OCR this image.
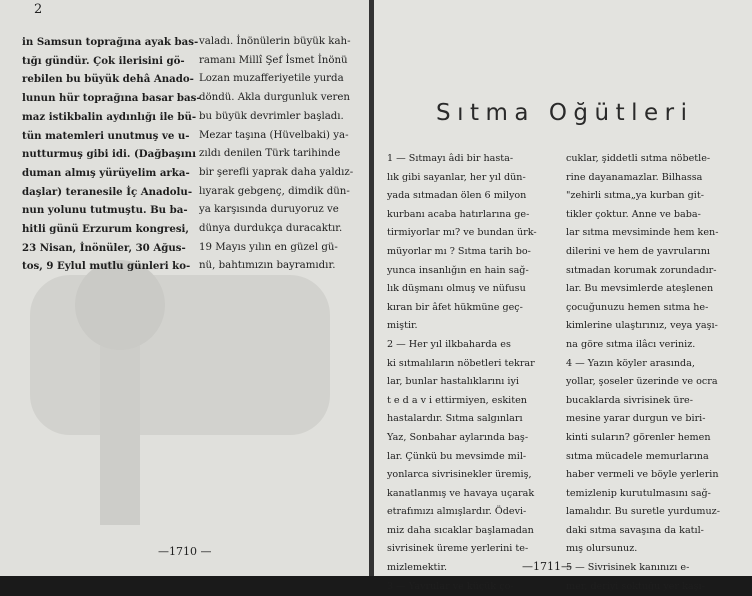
2
in Samsun toprağına ayak bas-
tığı gündür. Çok ilerisini gö-
rebilen bu büyük dehâ Anado-
lunun hür toprağına basar bas-
maz istikbalin aydınlığı ile bü-
tün matemleri unutmuş ve u-
nutturmuş gibi idi. (Dağbaşını
duman almış yürüyelim arka-
daşlar) teranesile İç Anadolu-
nun yolunu tutmuştu. Bu ba-
hitli günü Erzurum kongresi,
23 Nisan, İnönüler, 30 Ağus-
tos, 9 Eylul mutlu günleri ko-
valadı. İnönülerin büyük kah-
ramanı Millî Şef İsmet İnönü
Lozan muzafferiyetile yurda
döndü. Akla durgunluk veren
bu büyük devrimler başladı.
Mezar taşına (Hüvelbaki) ya-
zıldı denilen Türk tarihinde
bir şerefli yaprak daha yaldız-
lıyarak gebgenç, dimdik dün-
ya karşısında duruyoruz ve
dünya durdukça duracaktır.
19 Mayıs yılın en güzel gü-
nü, bahtımızın bayramıdır.
—1710 —
Sıtma Oğütleri
1 — Sıtmayı âdi bir hasta-
lık gibi sayanlar, her yıl dün-
yada sıtmadan ölen 6 milyon
kurbanı acaba hatırlarına ge-
tirmiyorlar mı? ve bundan ürk-
müyorlar mı ? Sıtma tarih bo-
yunca insanlığın en hain sağ-
lık düşmanı olmuş ve nüfusu
kıran bir âfet hükmüne geç-
miştir.
2 — Her yıl ilkbaharda es
ki sıtmalıların nöbetleri tekrar
lar, bunlar hastalıklarını iyi
t e d a v i ettirmiyen, eskiten
hastalardır. Sıtma salgınları
Yaz, Sonbahar aylarında baş-
lar. Çünkü bu mevsimde mil-
yonlarca sivrisinekler üremiş,
kanatlanmış ve havaya uçarak
etrafımızı almışlardır. Ödevi-
miz daha sıcaklar başlamadan
sivrisinek üreme yerlerini te-
mizlemektir.
3 — Yavrular ve küçük ço-
cuklar, şiddetli sıtma nöbetle-
rine dayanamazlar. Bilhassa
"zehirli sıtma„ya kurban git-
tikler çoktur. Anne ve baba-
lar sıtma mevsiminde hem ken-
dilerini ve hem de yavrularını
sıtmadan korumak zorundadır-
lar. Bu mevsimlerde ateşlenen
çocuğunuzu hemen sıtma he-
kimlerine ulaştırınız, veya yaşı-
na göre sıtma ilâcı veriniz.
4 — Yazın köyler arasında,
yollar, şoseler üzerinde ve ocra
bucaklarda sivrisinek üre-
mesine yarar durgun ve biri-
kinti suların? görenler hemen
sıtma mücadele memurlarına
haber vermeli ve böyle yerlerin
temizlenip kurutulmasını sağ-
lamalıdır. Bu suretle yurdumuz-
daki sıtma savaşına da katıl-
mış olursunuz.
5 — Sivrisinek kanınızı e-
mer, deriyi soktuğu yer kaşı-
—1711—
